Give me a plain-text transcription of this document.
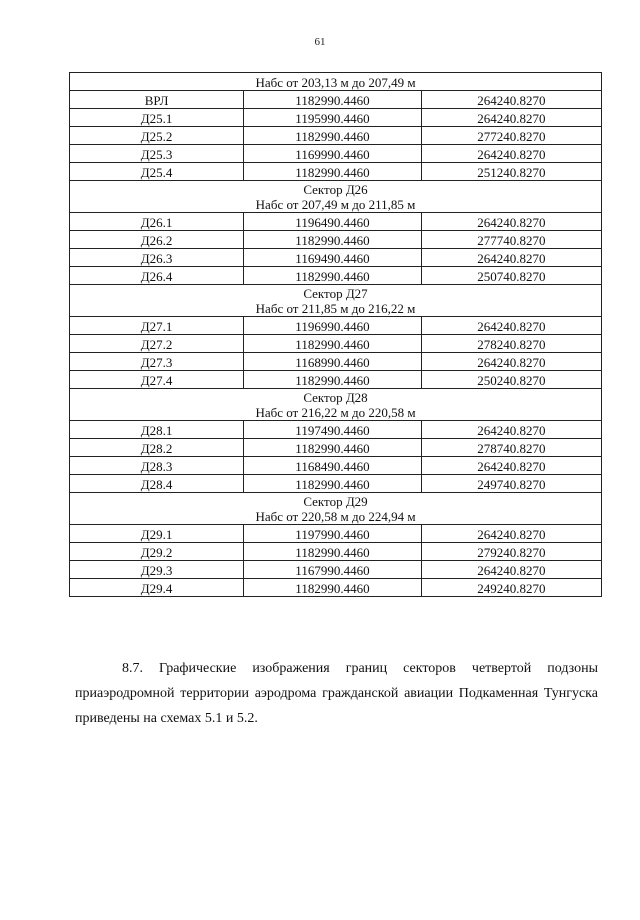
61
Набс от 203,13 м до 207,49 м		

ВРЛ	1182990.4460	264240.8270
Д25.1	1195990.4460	264240.8270
Д25.2	1182990.4460	277240.8270
Д25.3	1169990.4460	264240.8270
Д25.4	1182990.4460	251240.8270

Сектор Д26
Набс от 207,49 м до 211,85 м		

Д26.1	1196490.4460	264240.8270
Д26.2	1182990.4460	277740.8270
Д26.3	1169490.4460	264240.8270
Д26.4	1182990.4460	250740.8270

Сектор Д27
Набс от 211,85 м до 216,22 м		

Д27.1	1196990.4460	264240.8270
Д27.2	1182990.4460	278240.8270
Д27.3	1168990.4460	264240.8270
Д27.4	1182990.4460	250240.8270

Сектор Д28
Набс от 216,22 м до 220,58 м		

Д28.1	1197490.4460	264240.8270
Д28.2	1182990.4460	278740.8270
Д28.3	1168490.4460	264240.8270
Д28.4	1182990.4460	249740.8270

Сектор Д29
Набс от 220,58 м до 224,94 м		

Д29.1	1197990.4460	264240.8270
Д29.2	1182990.4460	279240.8270
Д29.3	1167990.4460	264240.8270
Д29.4	1182990.4460	249240.8270

8.7. Графические изображения границ секторов четвертой подзоны приаэродромной территории аэродрома гражданской авиации Подкаменная Тунгуска приведены на схемах 5.1 и 5.2.
